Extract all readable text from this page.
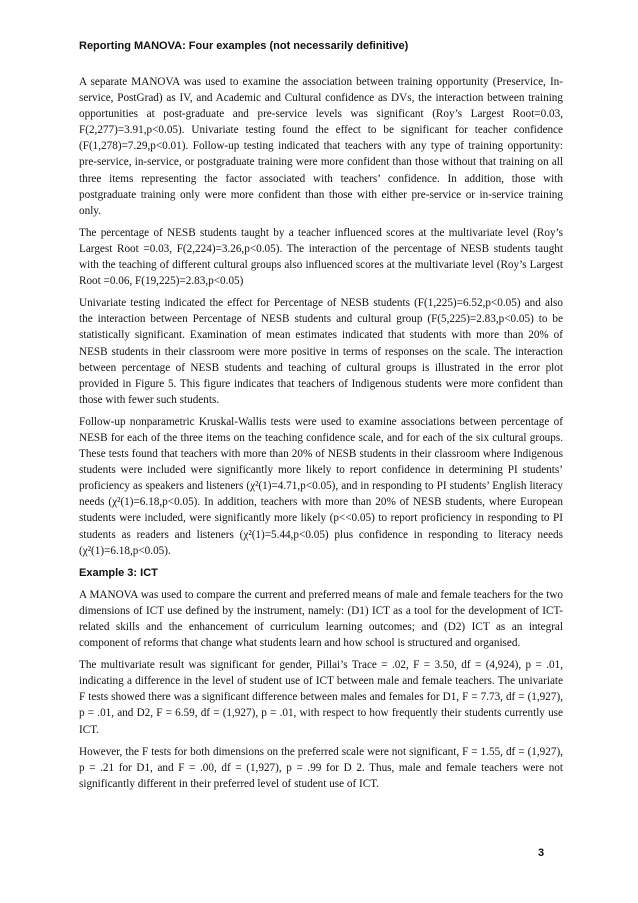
Reporting MANOVA: Four examples (not necessarily definitive)

A separate MANOVA was used to examine the association between training opportunity (Preservice, In-service, PostGrad) as IV, and Academic and Cultural confidence as DVs, the interaction between training opportunities at post-graduate and pre-service levels was significant (Roy’s Largest Root=0.03, F(2,277)=3.91,p<0.05). Univariate testing found the effect to be significant for teacher confidence (F(1,278)=7.29,p<0.01). Follow-up testing indicated that teachers with any type of training opportunity: pre-service, in-service, or postgraduate training were more confident than those without that training on all three items representing the factor associated with teachers’ confidence. In addition, those with postgraduate training only were more confident than those with either pre-service or in-service training only.

The percentage of NESB students taught by a teacher influenced scores at the multivariate level (Roy’s Largest Root =0.03, F(2,224)=3.26,p<0.05). The interaction of the percentage of NESB students taught with the teaching of different cultural groups also influenced scores at the multivariate level (Roy’s Largest Root =0.06, F(19,225)=2.83,p<0.05)

Univariate testing indicated the effect for Percentage of NESB students (F(1,225)=6.52,p<0.05) and also the interaction between Percentage of NESB students and cultural group (F(5,225)=2.83,p<0.05) to be statistically significant. Examination of mean estimates indicated that students with more than 20% of NESB students in their classroom were more positive in terms of responses on the scale. The interaction between percentage of NESB students and teaching of cultural groups is illustrated in the error plot provided in Figure 5. This figure indicates that teachers of Indigenous students were more confident than those with fewer such students.

Follow-up nonparametric Kruskal-Wallis tests were used to examine associations between percentage of NESB for each of the three items on the teaching confidence scale, and for each of the six cultural groups. These tests found that teachers with more than 20% of NESB students in their classroom where Indigenous students were included were significantly more likely to report confidence in determining PI students’ proficiency as speakers and listeners (χ²(1)=4.71,p<0.05), and in responding to PI students’ English literacy needs (χ²(1)=6.18,p<0.05). In addition, teachers with more than 20% of NESB students, where European students were included, were significantly more likely (p<<0.05) to report proficiency in responding to PI students as readers and listeners (χ²(1)=5.44,p<0.05) plus confidence in responding to literacy needs (χ²(1)=6.18,p<0.05).

Example 3: ICT

A MANOVA was used to compare the current and preferred means of male and female teachers for the two dimensions of ICT use defined by the instrument, namely: (D1) ICT as a tool for the development of ICT-related skills and the enhancement of curriculum learning outcomes; and (D2) ICT as an integral component of reforms that change what students learn and how school is structured and organised.

The multivariate result was significant for gender, Pillai’s Trace = .02, F = 3.50, df = (4,924), p = .01, indicating a difference in the level of student use of ICT between male and female teachers. The univariate F tests showed there was a significant difference between males and females for D1, F = 7.73, df = (1,927), p = .01, and D2, F = 6.59, df = (1,927), p = .01, with respect to how frequently their students currently use ICT.

However, the F tests for both dimensions on the preferred scale were not significant, F = 1.55, df = (1,927), p = .21 for D1, and F = .00, df = (1,927), p = .99 for D 2. Thus, male and female teachers were not significantly different in their preferred level of student use of ICT.

3
